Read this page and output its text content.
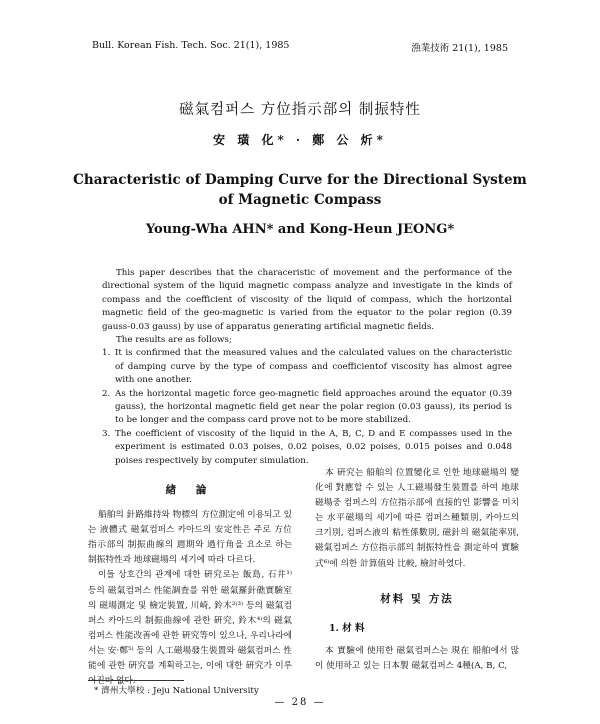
Bull. Korean Fish. Tech. Soc. 21(1), 1985	漁業技術 21(1), 1985
磁氣컴퍼스 方位指示部의 制振特性
安 璜 化* · 鄭 公 炘*
Characteristic of Damping Curve for the Directional System
of Magnetic Compass
Young-Wha AHN* and Kong-Heun JEONG*

This paper describes that the characeristic of movement and the performance of the directional system of the liquid magnetic compass analyze and investigate in the kinds of compass and the coefficient of viscosity of the liquid of compass, which the horizontal magnetic field of the geo-magnetic is varied from the equator to the polar region (0.39 gauss-0.03 gauss) by use of apparatus generating artificial magnetic fields.

The results are as follows;

1. It is confirmed that the measured values and the calculated values on the characteristic of damping curve by the type of compass and coefficientof viscosity has almost agree with one another.
2. As the horizontal magetic force geo-magnetic field approaches around the equator (0.39 gauss), the horizontal magnetic field get near the polar region (0.03 gauss), its period is to be longer and the compass card prove not to be more stabilized.
3. The coefficient of viscosity of the liquid in the A, B, C, D and E compasses used in the experiment is estimated 0.03 poises, 0.02 poises, 0.02 poises, 0.015 poises and 0.048 poises respectively by computer simulation.
緖 論

船舶의 針路維持와 物標의 方位測定에 이용되고 있는 液體式 磁氣컴퍼스 카아드의 安定性은 주로 方位指示部의 制振曲線의 週期와 過行角을 요소로 하는 制振特性과 地球磁場의 세기에 따라 다르다.

이들 상호간의 관계에 대한 硏究로는 飯島, 石井¹⁾ 등의 磁氣컴퍼스 性能調査를 위한 磁氣羅針礁實驗室의 磁場測定 및 檢定裝置, 川崎, 鈴木²⁾³⁾ 등의 磁氣컴퍼스 카아드의 制振曲線에 관한 硏究, 鈴木⁴⁾의 磁氣컴퍼스 性能改善에 관한 硏究等이 있으나, 우리나라에서는 安·鄭⁵⁾ 등의 人工磁場發生裝置와 磁氣컴퍼스 性能에 관한 硏究를 계획하고는, 이에 대한 硏究가 이루어진바 없다.

本 硏究는 船舶의 位置變化로 인한 地球磁場의 變化에 對應할 수 있는 人工磁場發生裝置를 하여 地球磁場중 컴퍼스의 方位指示部에 直接的인 影響을 미치는 水平磁場의 세기에 따른 컴퍼스種類別, 카아드의 크기別, 컴퍼스液의 粘性係數別, 磁針의 磁氣能率別, 磁氣컴퍼스 方位指示部의 制振特性을 測定하여 實驗式⁶⁾에 의한 計算值와 比較, 檢討하였다.

材料 및 方法
1. 材 料

本 實驗에 使用한 磁氣컴퍼스는 現在 船舶에서 많이 使用하고 있는 日本製 磁氣컴퍼스 4種(A, B, C,

* 濟州大學校 : Jeju National University
— 28 —
